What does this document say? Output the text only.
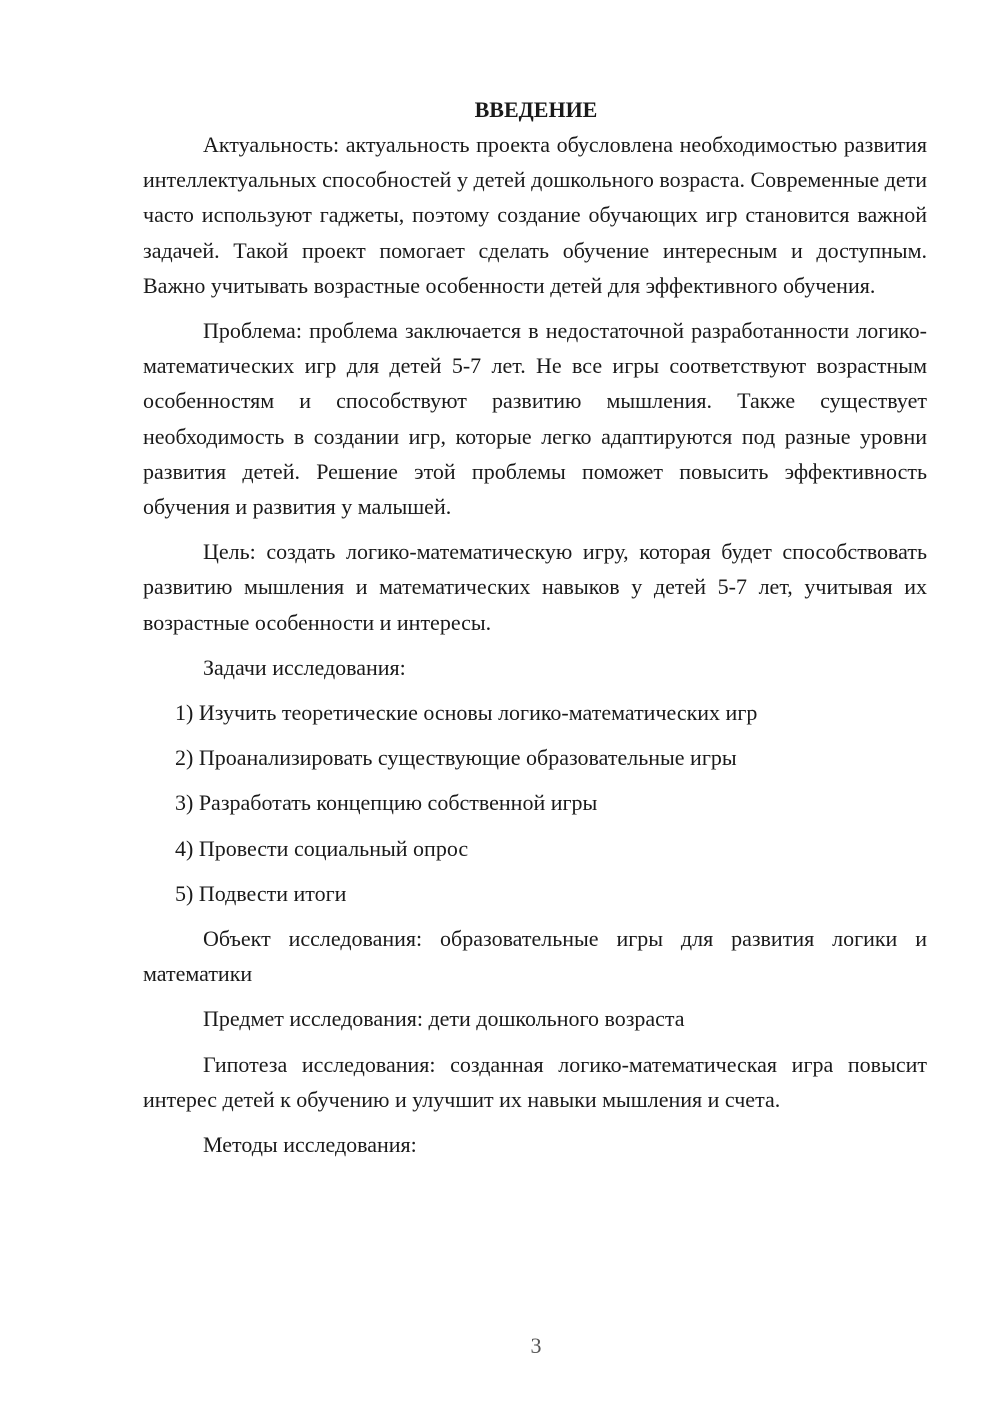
ВВЕДЕНИЕ

Актуальность: актуальность проекта обусловлена необходимостью развития интеллектуальных способностей у детей дошкольного возраста. Современные дети часто используют гаджеты, поэтому создание обучающих игр становится важной задачей. Такой проект помогает сделать обучение интересным и доступным. Важно учитывать возрастные особенности детей для эффективного обучения.

Проблема: проблема заключается в недостаточной разработанности логико-математических игр для детей 5-7 лет. Не все игры соответствуют возрастным особенностям и способствуют развитию мышления. Также существует необходимость в создании игр, которые легко адаптируются под разные уровни развития детей. Решение этой проблемы поможет повысить эффективность обучения и развития у малышей.

Цель: создать логико-математическую игру, которая будет способствовать развитию мышления и математических навыков у детей 5-7 лет, учитывая их возрастные особенности и интересы.

Задачи исследования:

1) Изучить теоретические основы логико-математических игр
2) Проанализировать существующие образовательные игры
3) Разработать концепцию собственной игры
4) Провести социальный опрос
5) Подвести итоги

Объект исследования: образовательные игры для развития логики и математики

Предмет исследования: дети дошкольного возраста

Гипотеза исследования: созданная логико-математическая игра повысит интерес детей к обучению и улучшит их навыки мышления и счета.

Методы исследования:

3
